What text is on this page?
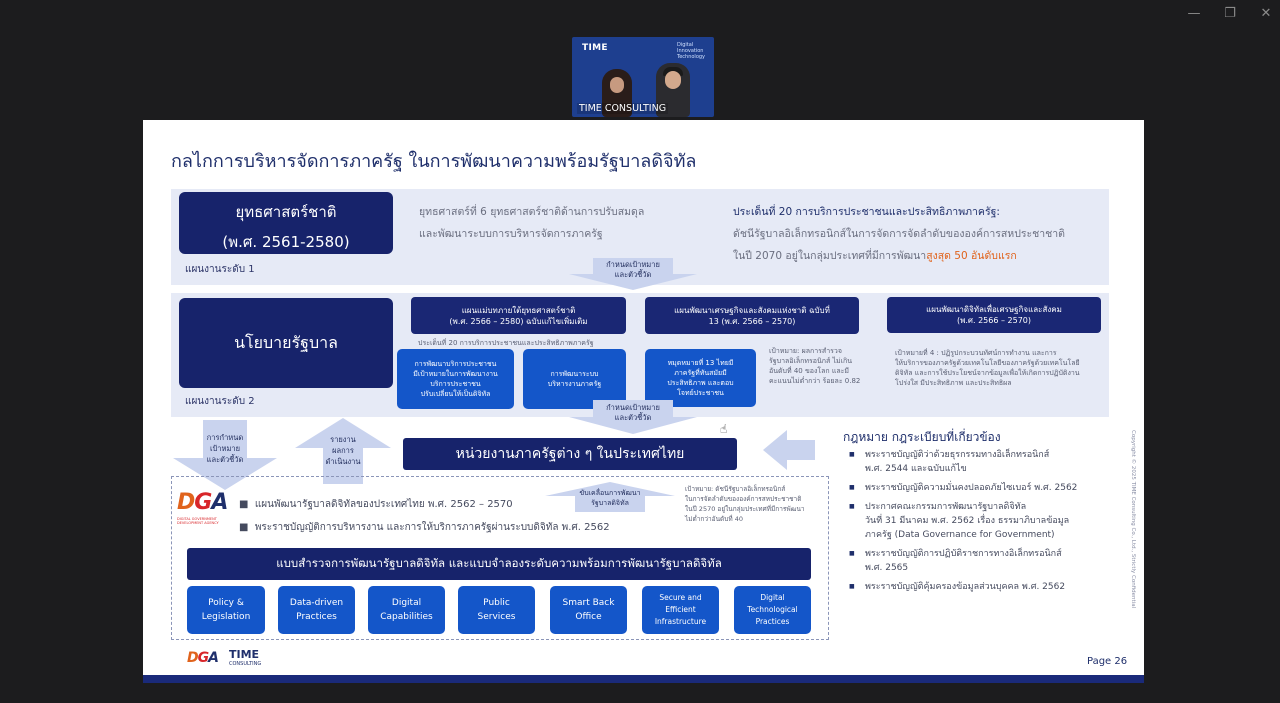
—	❐	✕
TIME	Digital Innovation Technology
TIME CONSULTING
กลไกการบริหารจัดการภาครัฐ ในการพัฒนาความพร้อมรัฐบาลดิจิทัล
ยุทธศาสตร์ชาติ
(พ.ศ. 2561-2580)
แผนงานระดับ 1
ยุทธศาสตร์ที่ 6 ยุทธศาสตร์ชาติด้านการปรับสมดุล
และพัฒนาระบบการบริหารจัดการภาครัฐ
ประเด็นที่ 20 การบริการประชาชนและประสิทธิภาพภาครัฐ:
ดัชนีรัฐบาลอิเล็กทรอนิกส์ในการจัดการจัดลำดับขององค์การสหประชาชาติ
ในปี 2070 อยู่ในกลุ่มประเทศที่มีการพัฒนาสูงสุด 50 อันดับแรก
กำหนดเป้าหมาย
และตัวชี้วัด
นโยบายรัฐบาล
แผนงานระดับ 2
แผนแม่บทภายใต้ยุทธศาสตร์ชาติ
(พ.ศ. 2566 – 2580) ฉบับแก้ไขเพิ่มเติม
ประเด็นที่ 20 การบริการประชาชนและประสิทธิภาพภาครัฐ
การพัฒนาบริการประชาชน
มีเป้าหมายในการพัฒนางาน
บริการประชาชน
ปรับเปลี่ยนให้เป็นดิจิทัล
การพัฒนาระบบ
บริหารงานภาครัฐ
แผนพัฒนาเศรษฐกิจและสังคมแห่งชาติ ฉบับที่
13 (พ.ศ. 2566 – 2570)
หมุดหมายที่ 13 ไทยมี
ภาครัฐที่ทันสมัยมี
ประสิทธิภาพ และตอบ
โจทย์ประชาชน
เป้าหมาย: ผลการสำรวจ
รัฐบาลอิเล็กทรอนิกส์ ไม่เกิน
อันดับที่ 40 ของโลก และมี
คะแนนไม่ต่ำกว่า ร้อยละ 0.82
แผนพัฒนาดิจิทัลเพื่อเศรษฐกิจและสังคม
(พ.ศ. 2566 – 2570)
เป้าหมายที่ 4 : ปฏิรูปกระบวนทัศน์การทำงาน และการ
ให้บริการของภาครัฐด้วยเทคโนโลยีของภาครัฐด้วยเทคโนโลยี
ดิจิทัล และการใช้ประโยชน์จากข้อมูลเพื่อให้เกิดการปฏิบัติงาน
โปร่งใส มีประสิทธิภาพ และประสิทธิผล
กำหนดเป้าหมาย
และตัวชี้วัด
การกำหนด
เป้าหมาย
และตัวชี้วัด
รายงาน
ผลการ
ดำเนินงาน	หน่วยงานภาครัฐต่าง ๆ ในประเทศไทย
DGA
DIGITAL GOVERNMENT DEVELOPMENT AGENCY
■  แผนพัฒนารัฐบาลดิจิทัลของประเทศไทย พ.ศ. 2562 – 2570
■  พระราชบัญญัติการบริหารงาน และการให้บริการภาครัฐผ่านระบบดิจิทัล พ.ศ. 2562
ขับเคลื่อนการพัฒนา
รัฐบาลดิจิทัล
เป้าหมาย: ดัชนีรัฐบาลอิเล็กทรอนิกส์
ในการจัดลำดับขององค์การสหประชาชาติ
ในปี 2570 อยู่ในกลุ่มประเทศที่มีการพัฒนา
ไม่ต่ำกว่าอันดับที่ 40
แบบสำรวจการพัฒนารัฐบาลดิจิทัล และแบบจำลองระดับความพร้อมการพัฒนารัฐบาลดิจิทัล
Policy &
Legislation
Data-driven
Practices
Digital
Capabilities
Public
Services
Smart Back
Office
Secure and
Efficient
Infrastructure
Digital
Technological
Practices
กฎหมาย กฎระเบียบที่เกี่ยวข้อง
■ พระราชบัญญัติว่าด้วยธุรกรรมทางอิเล็กทรอนิกส์
พ.ศ. 2544 และฉบับแก้ไข
■ พระราชบัญญัติความมั่นคงปลอดภัยไซเบอร์ พ.ศ. 2562
■ ประกาศคณะกรรมการพัฒนารัฐบาลดิจิทัล
วันที่ 31 มีนาคม พ.ศ. 2562 เรื่อง ธรรมาภิบาลข้อมูล
ภาครัฐ (Data Governance for Government)
■ พระราชบัญญัติการปฏิบัติราชการทางอิเล็กทรอนิกส์
พ.ศ. 2565
■ พระราชบัญญัติคุ้มครองข้อมูลส่วนบุคคล พ.ศ. 2562	Copyright © 2025 TIME Consulting Co., Ltd., Strictly Confidential
DGA TIME
CONSULTING	Page 26
☝
